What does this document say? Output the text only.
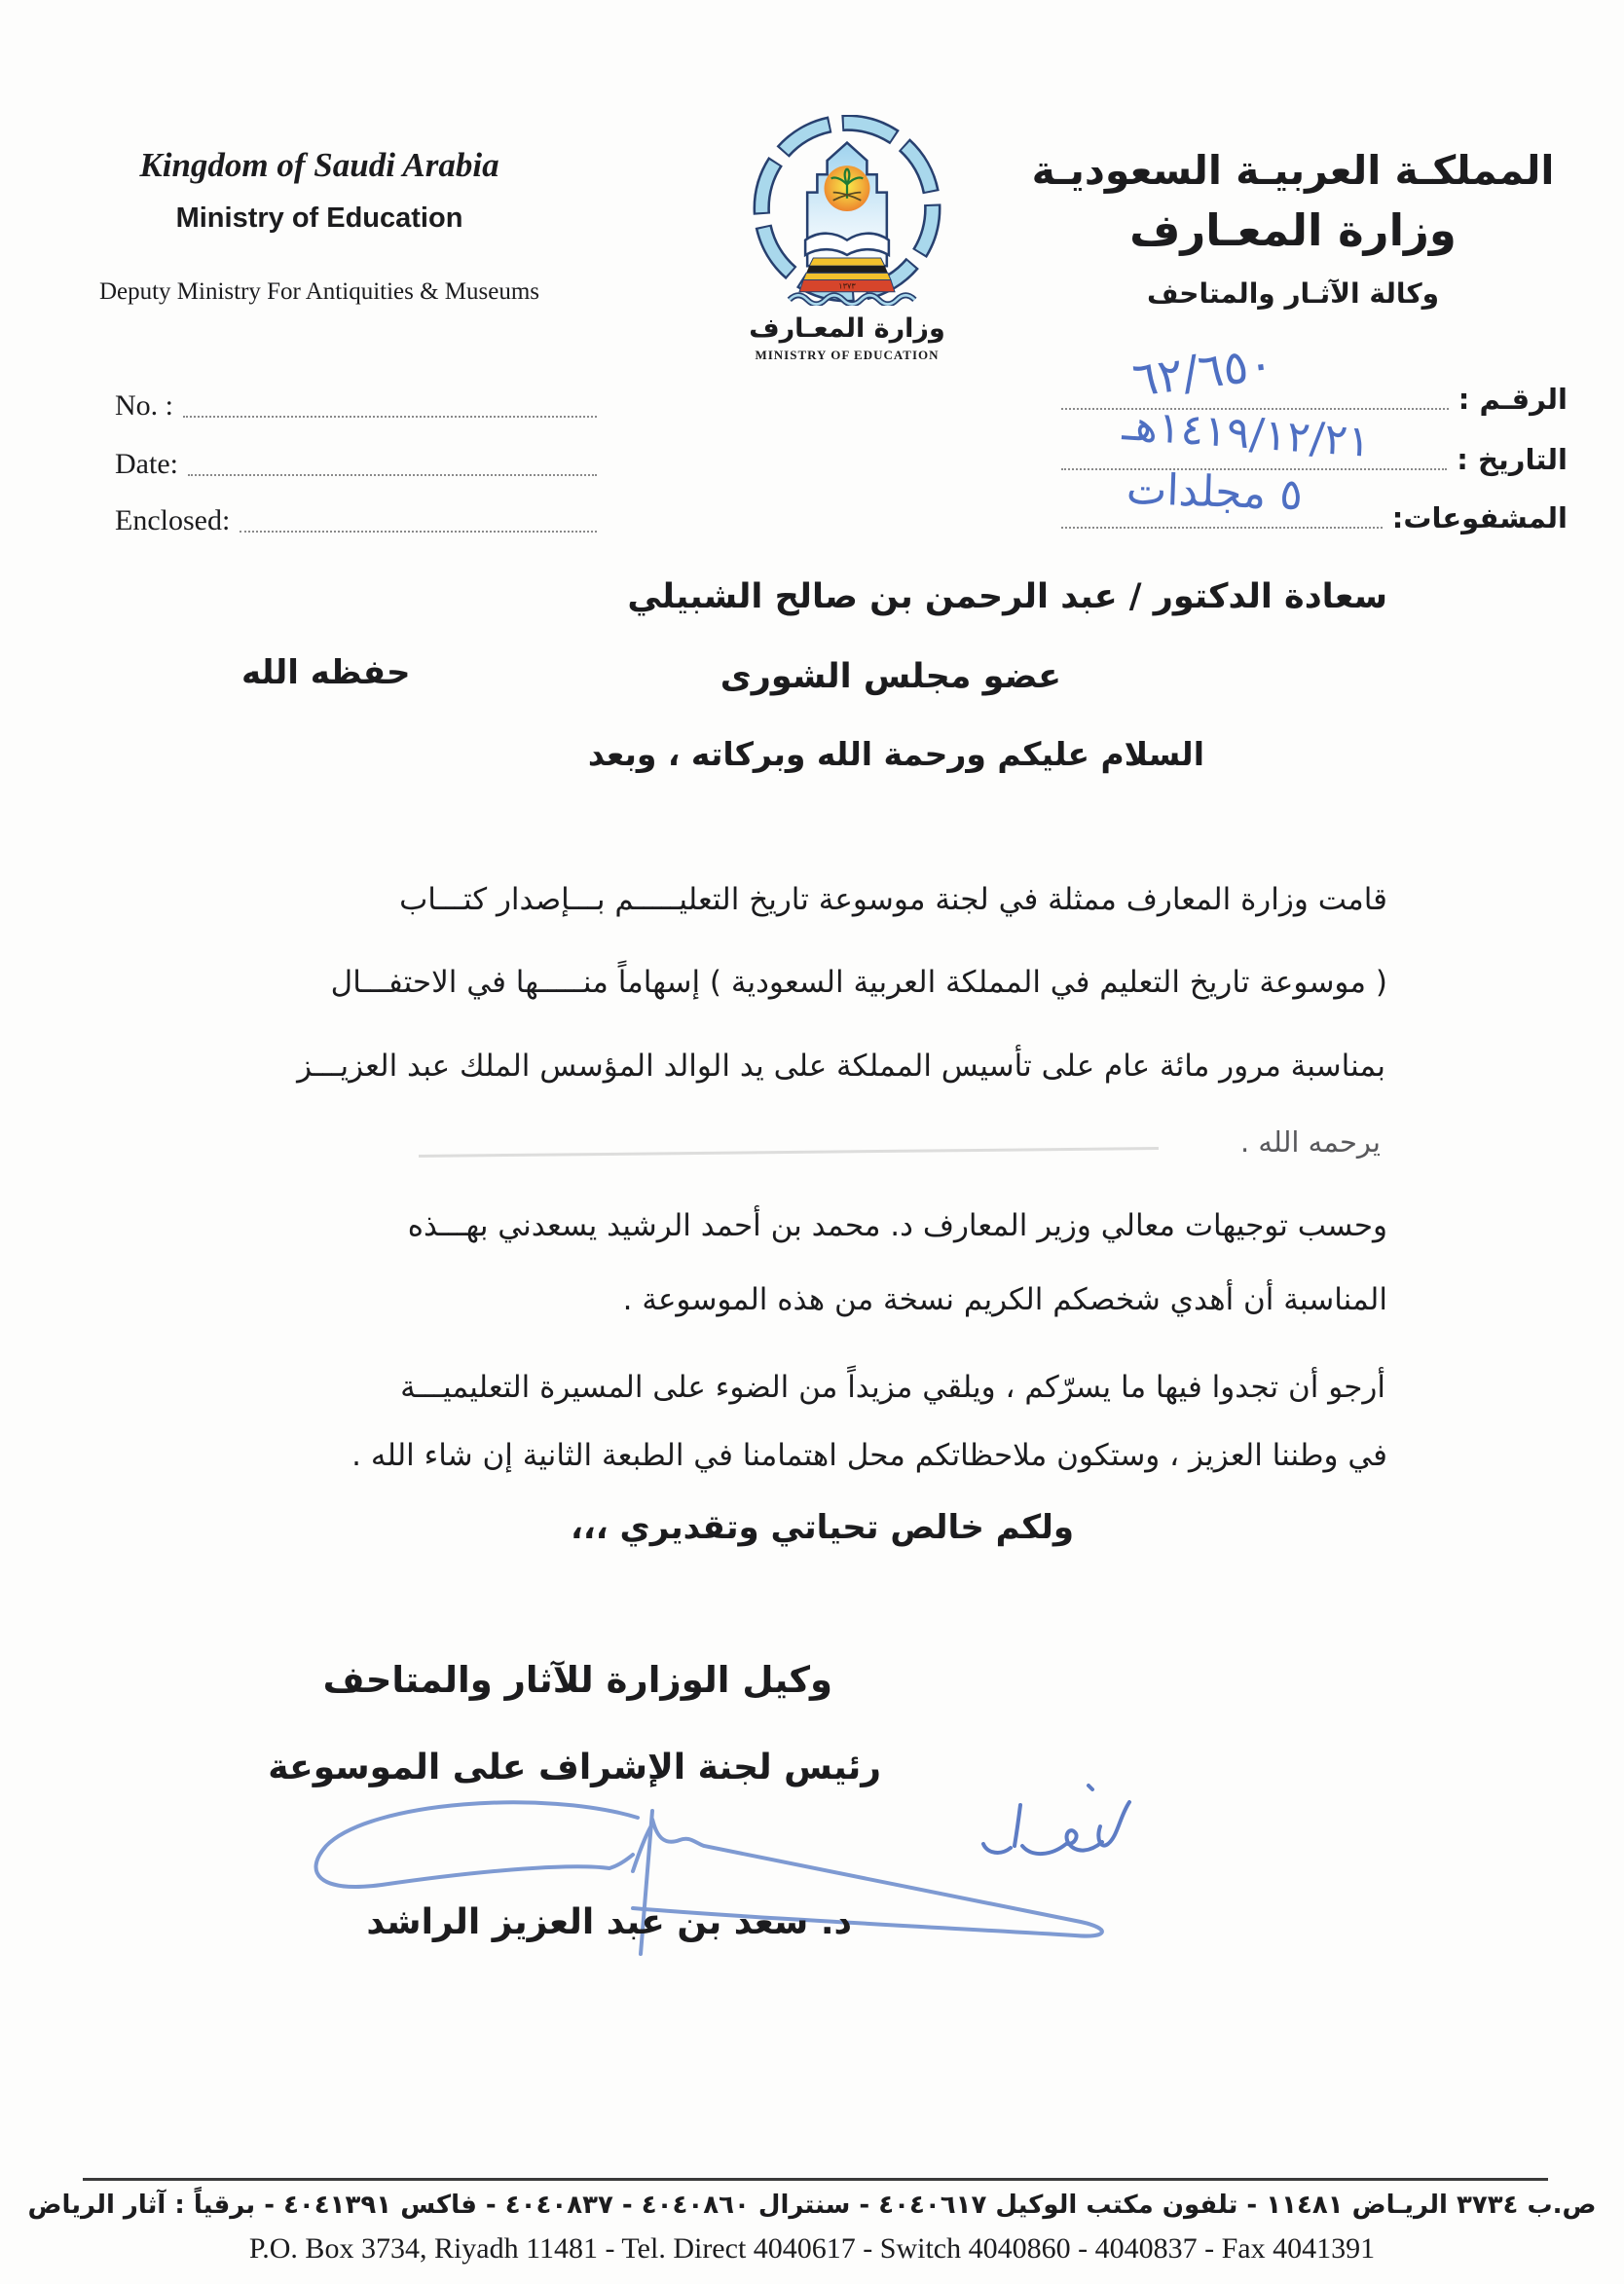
Kingdom of Saudi Arabia
Ministry of Education
Deputy Ministry For Antiquities & Museums	١٣٧٣
وزارة المعـارف
MINISTRY OF EDUCATION
المملكـة العربيـة السعوديـة
وزارة المعـارف
وكالة الآثـار والمتاحف
No. :
Date:
Enclosed:
الرقـم :
التاريخ :
المشفوعات:
٦٢/٦٥٠
١٤١٩/١٢/٢١هـ
٥ مجلدات
سعادة الدكتور / عبد الرحمن بن صالح الشبيلي
عضو مجلس الشورى
حفظه الله
السلام عليكم ورحمة الله وبركاته ، وبعد
قامت وزارة المعارف ممثلة في لجنة موسوعة تاريخ التعليـــــم بـــإصدار كتـــاب
( موسوعة تاريخ التعليم في المملكة العربية السعودية ) إسهاماً منـــــها في الاحتفـــال
بمناسبة مرور مائة عام على تأسيس المملكة على يد الوالد المؤسس الملك عبد العزيـــز
يرحمه الله .
وحسب توجيهات معالي وزير المعارف د. محمد بن أحمد الرشيد يسعدني بهـــذه
المناسبة أن أهدي شخصكم الكريم نسخة من هذه الموسوعة .
أرجو أن تجدوا فيها ما يسرّكم ، ويلقي مزيداً من الضوء على المسيرة التعليميـــة
في وطننا العزيز ، وستكون ملاحظاتكم محل اهتمامنا في الطبعة الثانية إن شاء الله .
ولكم خالص تحياتي وتقديري ،،،
وكيل الوزارة للآثار والمتاحف
رئيس لجنة الإشراف على الموسوعة
د. سعد بن عبد العزيز الراشد
ص.ب ٣٧٣٤ الريـاض ١١٤٨١ - تلفون مكتب الوكيل ٤٠٤٠٦١٧ - سنترال ٤٠٤٠٨٦٠ - ٤٠٤٠٨٣٧ - فاكس ٤٠٤١٣٩١ - برقياً : آثار الرياض
P.O. Box 3734, Riyadh 11481 - Tel. Direct 4040617 - Switch 4040860 - 4040837 - Fax 4041391
